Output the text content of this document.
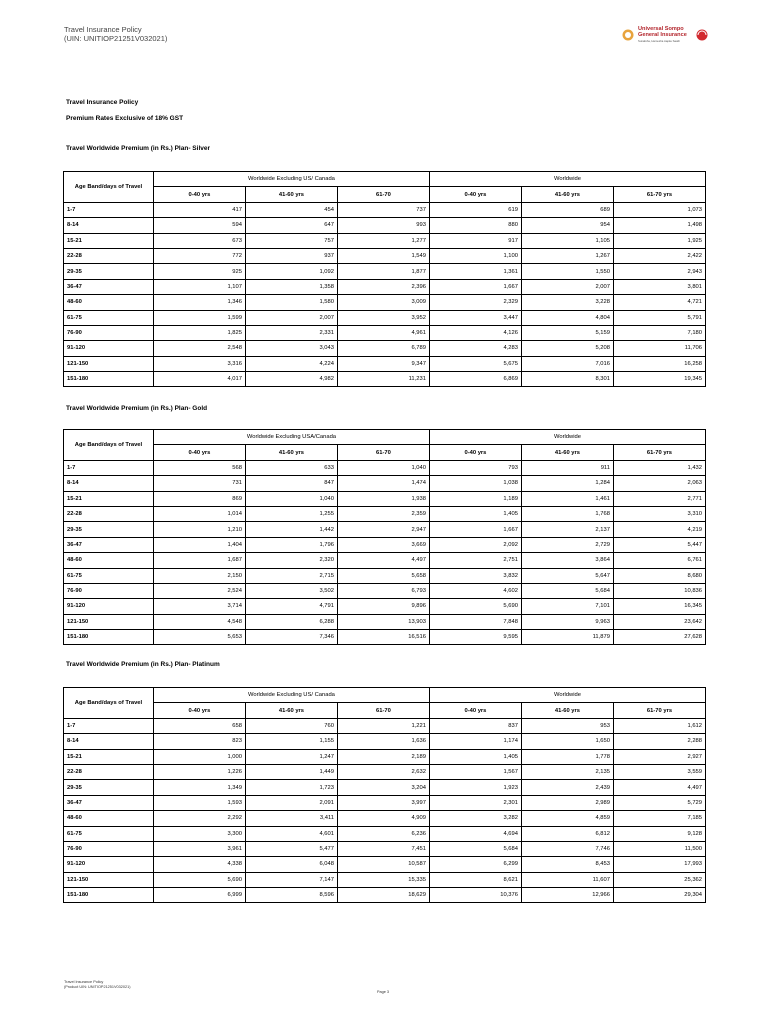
Travel Insurance Policy
(UIN: UNITIOP21251V032021)
Universal Sompo
General Insurance
Suraksha, Hamesha Aapke Saath
Travel Insurance Policy
Premium Rates Exclusive of 18% GST
Travel Worldwide Premium (in Rs.) Plan- Silver
Travel Worldwide Premium (in Rs.) Plan- Gold
Travel Worldwide Premium (in Rs.) Plan- Platinum
Age Band/days of Travel	Worldwide Excluding US/ Canada			Worldwide		
	0-40 yrs	41-60 yrs	61-70	0-40 yrs	41-60 yrs	61-70 yrs
1-7	417	454	737	619	689	1,073
8-14	594	647	993	880	954	1,498
15-21	673	757	1,277	917	1,105	1,925
22-28	772	937	1,549	1,100	1,267	2,422
29-35	925	1,092	1,877	1,361	1,550	2,943
36-47	1,107	1,358	2,396	1,667	2,007	3,801
48-60	1,346	1,580	3,009	2,329	3,228	4,721
61-75	1,599	2,007	3,952	3,447	4,804	5,791
76-90	1,825	2,331	4,961	4,126	5,159	7,180
91-120	2,548	3,043	6,789	4,283	5,208	11,706
121-150	3,316	4,224	9,347	5,675	7,016	16,258
151-180	4,017	4,982	11,231	6,869	8,301	19,345
Age Band/days of Travel	Worldwide Excluding USA/Canada			Worldwide		
	0-40 yrs	41-60 yrs	61-70	0-40 yrs	41-60 yrs	61-70 yrs
1-7	568	633	1,040	793	911	1,432
8-14	731	847	1,474	1,038	1,284	2,063
15-21	869	1,040	1,938	1,189	1,461	2,771
22-28	1,014	1,255	2,359	1,405	1,768	3,310
29-35	1,210	1,442	2,947	1,667	2,137	4,219
36-47	1,404	1,796	3,669	2,092	2,729	5,447
48-60	1,687	2,320	4,497	2,751	3,864	6,761
61-75	2,150	2,715	5,658	3,832	5,647	8,680
76-90	2,524	3,502	6,793	4,602	5,684	10,836
91-120	3,714	4,791	9,896	5,690	7,101	16,345
121-150	4,548	6,288	13,903	7,848	9,963	23,642
151-180	5,653	7,346	16,516	9,595	11,879	27,628
Age Band/days of Travel	Worldwide Excluding US/ Canada			Worldwide		
	0-40 yrs	41-60 yrs	61-70	0-40 yrs	41-60 yrs	61-70 yrs
1-7	658	760	1,221	837	953	1,612
8-14	823	1,155	1,636	1,174	1,650	2,288
15-21	1,000	1,247	2,189	1,405	1,778	2,927
22-28	1,226	1,449	2,632	1,567	2,135	3,559
29-35	1,349	1,723	3,204	1,923	2,439	4,497
36-47	1,593	2,091	3,997	2,301	2,989	5,729
48-60	2,292	3,411	4,909	3,282	4,859	7,185
61-75	3,300	4,601	6,236	4,694	6,812	9,128
76-90	3,961	5,477	7,451	5,684	7,746	11,500
91-120	4,338	6,048	10,587	6,299	8,453	17,993
121-150	5,690	7,147	15,335	8,621	11,607	25,362
151-180	6,999	8,596	18,629	10,376	12,966	29,304
Travel Insurance Policy
(Product UIN: UNITIOP21251V032021)
Page 3
